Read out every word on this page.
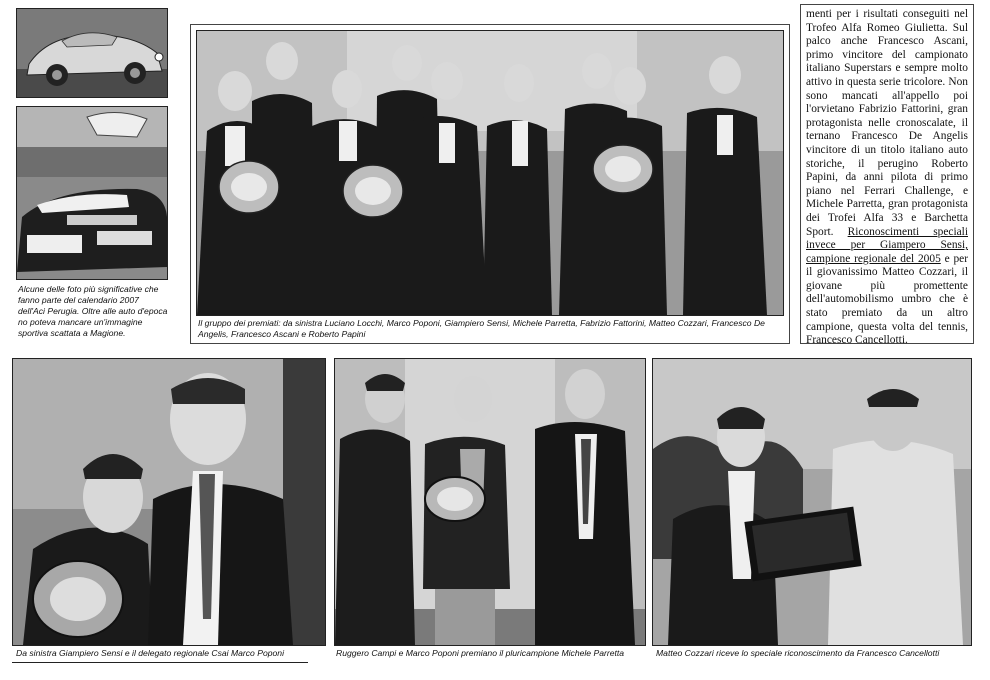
Alcune delle foto più significative che fanno parte del calendario 2007 dell'Aci Perugia. Oltre alle auto d'epoca no poteva mancare un'immagine sportiva scattata a Magione.
Il gruppo dei premiati: da sinistra Luciano Locchi, Marco Poponi, Giampiero Sensi, Michele Parretta, Fabrizio Fattorini, Matteo Cozzari, Francesco De Angelis, Francesco Ascani e Roberto Papini
menti per i risultati conseguiti nel Trofeo Alfa Romeo Giulietta. Sul palco anche Francesco Ascani, primo vincitore del campionato italiano Superstars e sempre molto attivo in questa serie tricolore. Non sono mancati all'appello poi l'orvietano Fabrizio Fattorini, gran protagonista nelle cronoscalate, il ternano Francesco De Angelis vincitore di un titolo italiano auto storiche, il perugino Roberto Papini, da anni pilota di primo piano nel Ferrari Challenge, e Michele Parretta, gran protagonista dei Trofei Alfa 33 e Barchetta Sport. Riconoscimenti speciali invece per Giampero Sensi, campione regionale del 2005 e per il giovanissimo Matteo Cozzari, il giovane più promettente dell'automobilismo umbro che è stato premiato da un altro campione, questa volta del tennis, Francesco Cancellotti.
Da sinistra Giampiero Sensi e il delegato regionale Csai Marco Poponi	Ruggero Campi e Marco Poponi premiano il pluricampione Michele Parretta	Matteo Cozzari riceve lo speciale riconoscimento da Francesco Cancellotti
